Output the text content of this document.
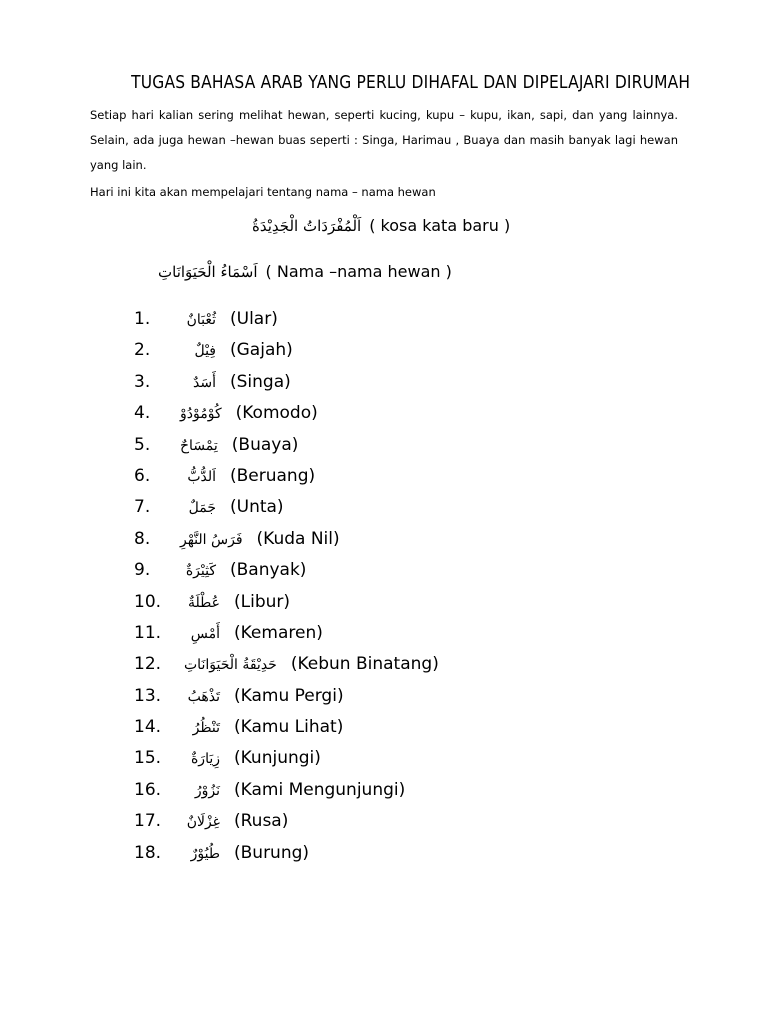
TUGAS BAHASA ARAB YANG PERLU DIHAFAL DAN DIPELAJARI DIRUMAH
Setiap hari kalian sering melihat hewan, seperti kucing, kupu – kupu, ikan, sapi, dan yang lainnya. Selain, ada juga hewan –hewan buas seperti : Singa, Harimau , Buaya dan masih banyak lagi hewan yang lain.
Hari ini kita akan mempelajari tentang nama – nama hewan
اَلْمُفْرَدَاتُ الْجَدِيْدَةُ ( kosa kata baru )
اَسْمَاءُ الْحَيَوَانَاتِ ( Nama –nama hewan )
1.	ثُعْبَانٌ (Ular)
2.	فِيْلٌ (Gajah)
3.	أَسَدٌ (Singa)
4. كُوْمُوْدُوْ (Komodo)
5. تِمْسَاحٌ (Buaya)
6.	اَلدُّبُّ (Beruang)
7.	جَمَلٌ (Unta)
8. فَرَسُ النَّهْرِ (Kuda Nil)
9.	كَثِيْرَةٌ (Banyak)
10. عُطْلَةٌ (Libur)
11. أَمْسِ (Kemaren)
12. حَدِيْقَةُ الْحَيَوَانَاتِ (Kebun Binatang)
13. تَذْهَبُ (Kamu Pergi)
14. تَنْظُرُ (Kamu Lihat)
15. زِيَارَةٌ (Kunjungi)
16. نَزُوْرُ (Kami Mengunjungi)
17. غِزْلَانٌ (Rusa)
18. طُيُوْرٌ (Burung)
